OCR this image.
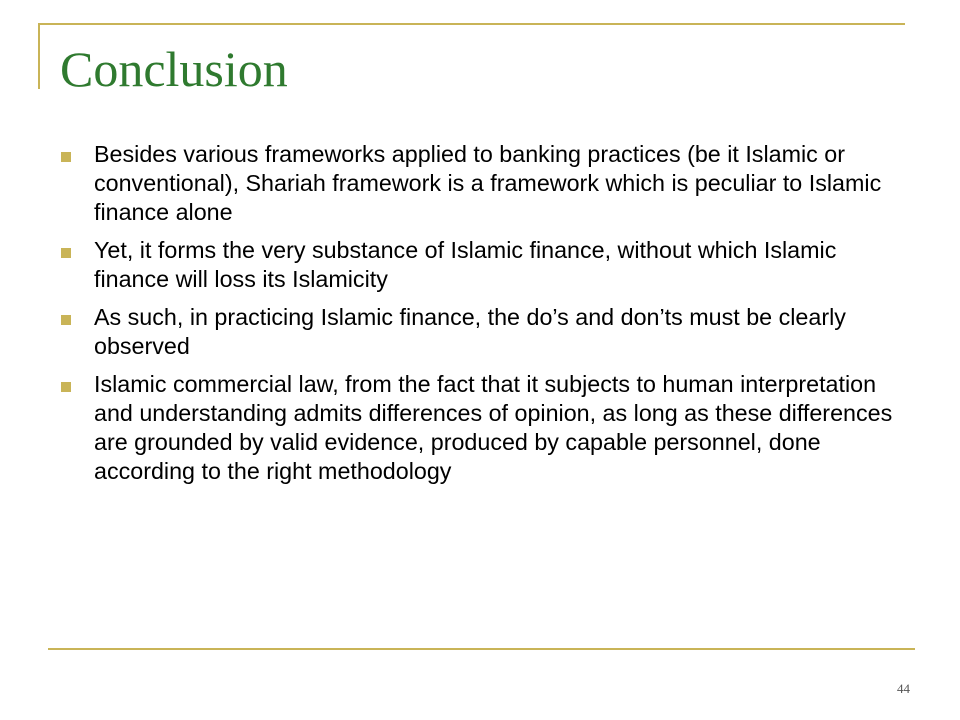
Conclusion
Besides various frameworks applied to banking practices (be it Islamic or conventional), Shariah framework is a framework which is peculiar to Islamic finance alone
Yet, it forms the very substance of Islamic finance, without which Islamic finance will loss its Islamicity
As such, in practicing Islamic finance, the do’s and don’ts must be clearly observed
Islamic commercial law, from the fact that it subjects to human interpretation and understanding admits differences of opinion, as long as these differences are grounded by valid evidence, produced by capable personnel, done according to the right methodology
44
